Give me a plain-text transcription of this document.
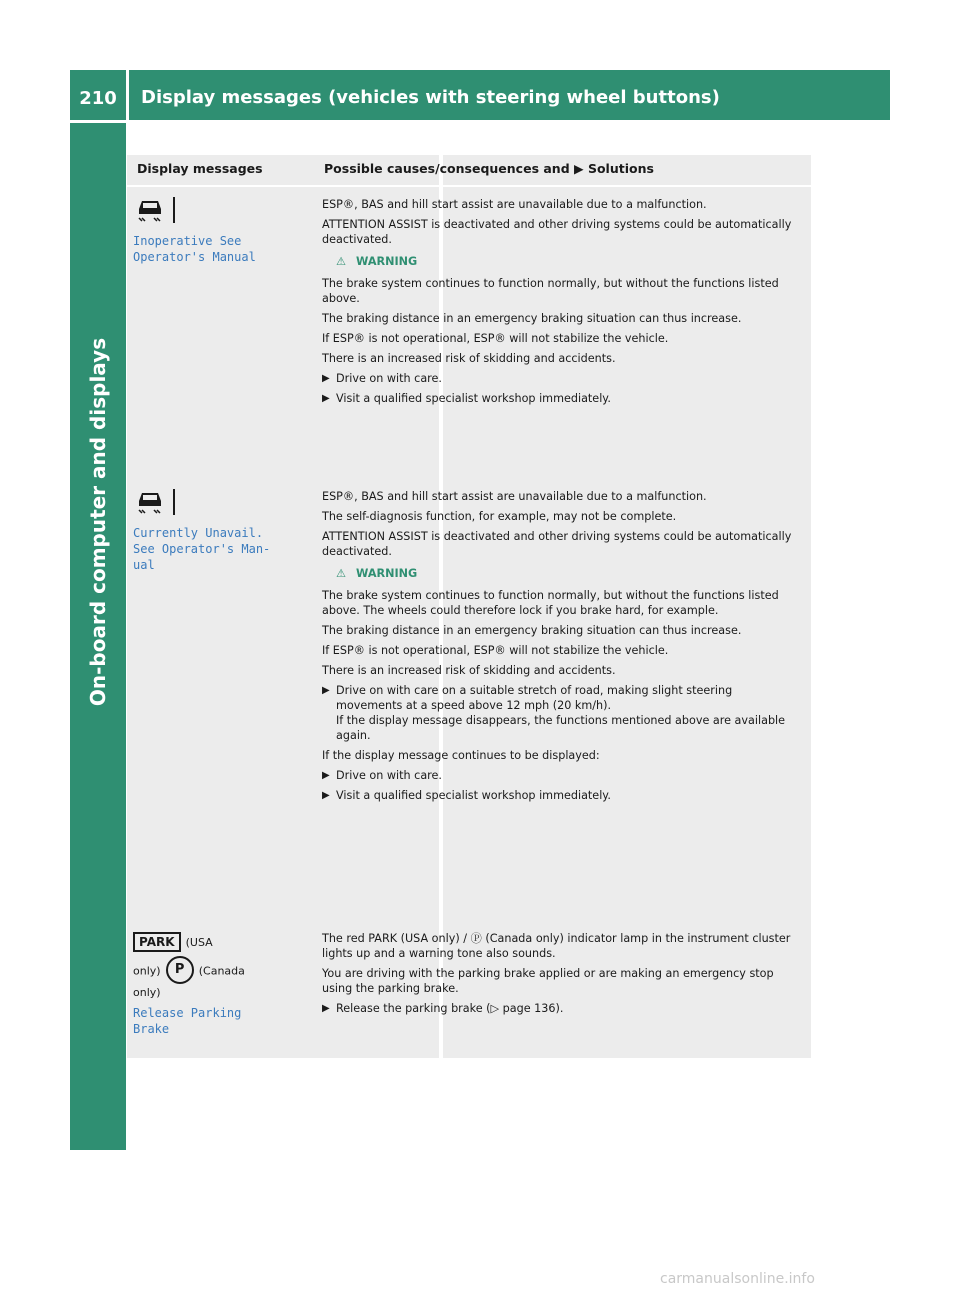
210	Display messages (vehicles with steering wheel buttons)
On-board computer and displays
Display messages	Possible causes/consequences and ▶ Solutions
Inoperative See
Operator's Manual

ESP®, BAS and hill start assist are unavailable due to a malfunction.

ATTENTION ASSIST is deactivated and other driving systems could be automatically deactivated.

⚠ WARNING

The brake system continues to function normally, but without the functions listed above.

The braking distance in an emergency braking situation can thus increase.

If ESP® is not operational, ESP® will not stabilize the vehicle.

There is an increased risk of skidding and accidents.

▶ Drive on with care.

▶ Visit a qualified specialist workshop immediately.

Currently Unavail.
See Operator's Man-
ual

ESP®, BAS and hill start assist are unavailable due to a malfunction.

The self-diagnosis function, for example, may not be complete.

ATTENTION ASSIST is deactivated and other driving systems could be automatically deactivated.

⚠ WARNING

The brake system continues to function normally, but without the functions listed above. The wheels could therefore lock if you brake hard, for example.

The braking distance in an emergency braking situation can thus increase.

If ESP® is not operational, ESP® will not stabilize the vehicle.

There is an increased risk of skidding and accidents.

▶ Drive on with care on a suitable stretch of road, making slight steering movements at a speed above 12 mph (20 km/h).
If the display message disappears, the functions mentioned above are available again.

If the display message continues to be displayed:

▶ Drive on with care.

▶ Visit a qualified specialist workshop immediately.

PARK (USA
only) P (Canada
only)
Release Parking
Brake

The red PARK (USA only) / Ⓟ (Canada only) indicator lamp in the instrument cluster lights up and a warning tone also sounds.

You are driving with the parking brake applied or are making an emergency stop using the parking brake.

▶ Release the parking brake (▷ page 136).

carmanualsonline.info
